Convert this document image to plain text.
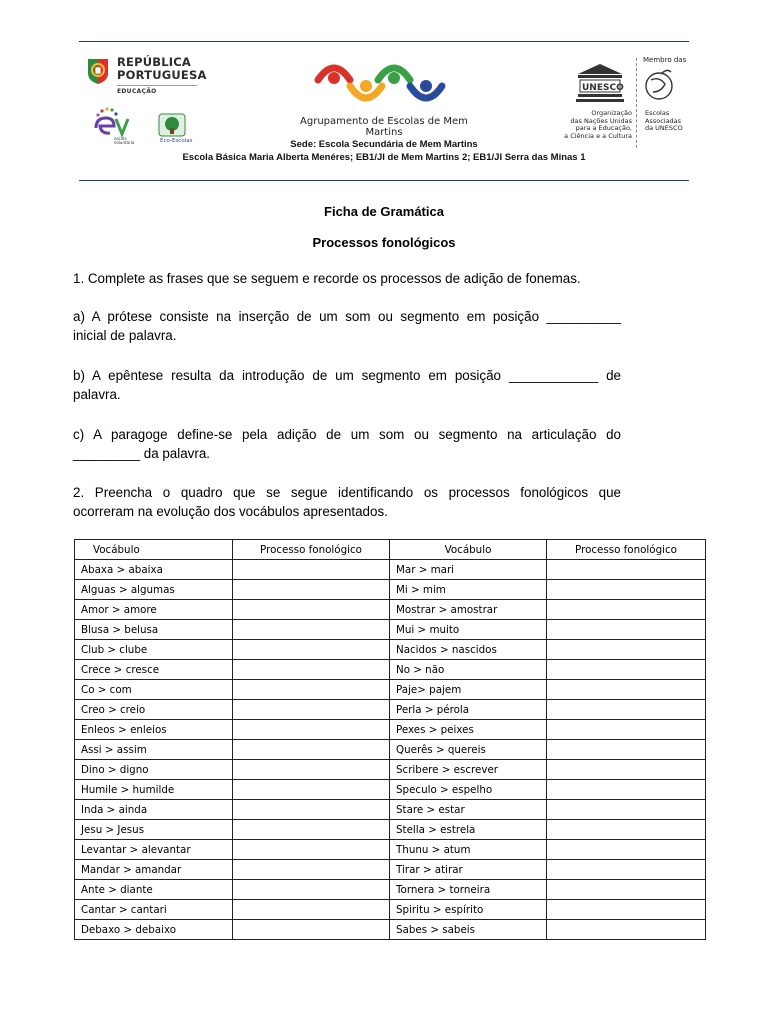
REPÚBLICA
PORTUGUESA
EDUCAÇÃO
escola
voluntária	Eco-Escolas
Agrupamento de Escolas de Mem Martins
Sede: Escola Secundária de Mem Martins
Escola Básica Maria Alberta Menéres; EB1/JI de Mem Martins 2; EB1/JI Serra das Minas 1
UNESCO
Organização
das Nações Unidas
para a Educação,
a Ciência e a Cultura
Membro das
Escolas
Associadas
da UNESCO
Ficha de Gramática
Processos fonológicos
1. Complete as frases que se seguem e recorde os processos de adição de fonemas.
a) A prótese consiste na inserção de um som ou segmento em posição __________
inicial de palavra.
b) A epêntese resulta da introdução de um segmento em posição ____________ de
palavra.
c) A paragoge define-se pela adição de um som ou segmento na articulação do
_________ da palavra.
2. Preencha o quadro que se segue identificando os processos fonológicos que
ocorreram na evolução dos vocábulos apresentados.
Vocábulo	Processo fonológico	Vocábulo	Processo fonológico
Abaxa > abaixa		Mar > mari	
Alguas > algumas		Mi > mim	
Amor > amore		Mostrar > amostrar	
Blusa > belusa		Mui > muito	
Club > clube		Nacidos > nascidos	
Crece > cresce		No > não	
Co > com		Paje> pajem	
Creo > creio		Perla > pérola	
Enleos > enleios		Pexes > peixes	
Assi > assim		Querês > quereis	
Dino > digno		Scribere > escrever	
Humile > humilde		Speculo > espelho	
Inda > ainda		Stare > estar	
Jesu > Jesus		Stella > estrela	
Levantar > alevantar		Thunu > atum	
Mandar > amandar		Tirar > atirar	
Ante > diante		Tornera > torneira	
Cantar > cantari		Spiritu > espírito	
Debaxo > debaixo		Sabes > sabeis	
